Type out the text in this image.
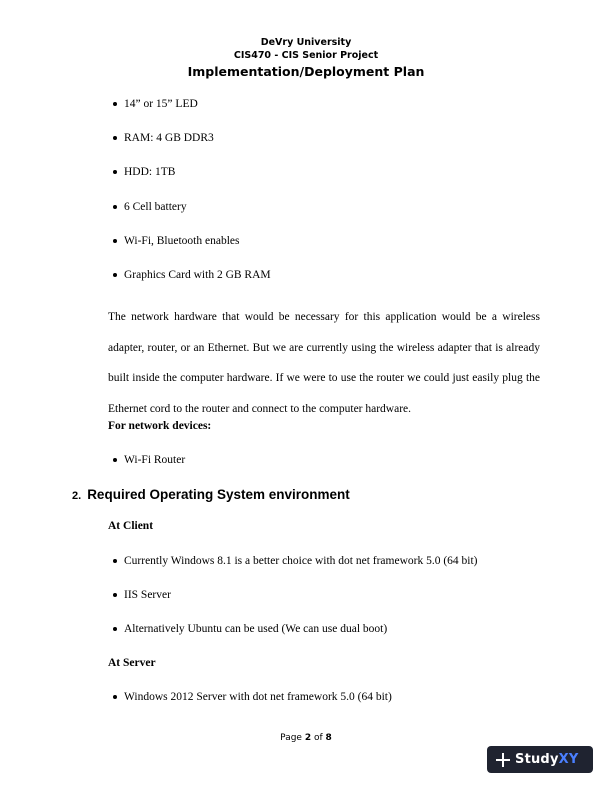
DeVry University
CIS470 - CIS Senior Project
Implementation/Deployment Plan
14” or 15” LED
RAM: 4 GB DDR3
HDD: 1TB
6 Cell battery
Wi-Fi, Bluetooth enables
Graphics Card with 2 GB RAM
The network hardware that would be necessary for this application would be a wireless adapter, router, or an Ethernet. But we are currently using the wireless adapter that is already built inside the computer hardware. If we were to use the router we could just easily plug the Ethernet cord to the router and connect to the computer hardware.
For network devices:
Wi-Fi Router
2. Required Operating System environment
At Client
Currently Windows 8.1 is a better choice with dot net framework 5.0 (64 bit)
IIS Server
Alternatively Ubuntu can be used (We can use dual boot)
At Server
Windows 2012 Server with dot net framework 5.0 (64 bit)
Page 2 of 8
StudyXY
